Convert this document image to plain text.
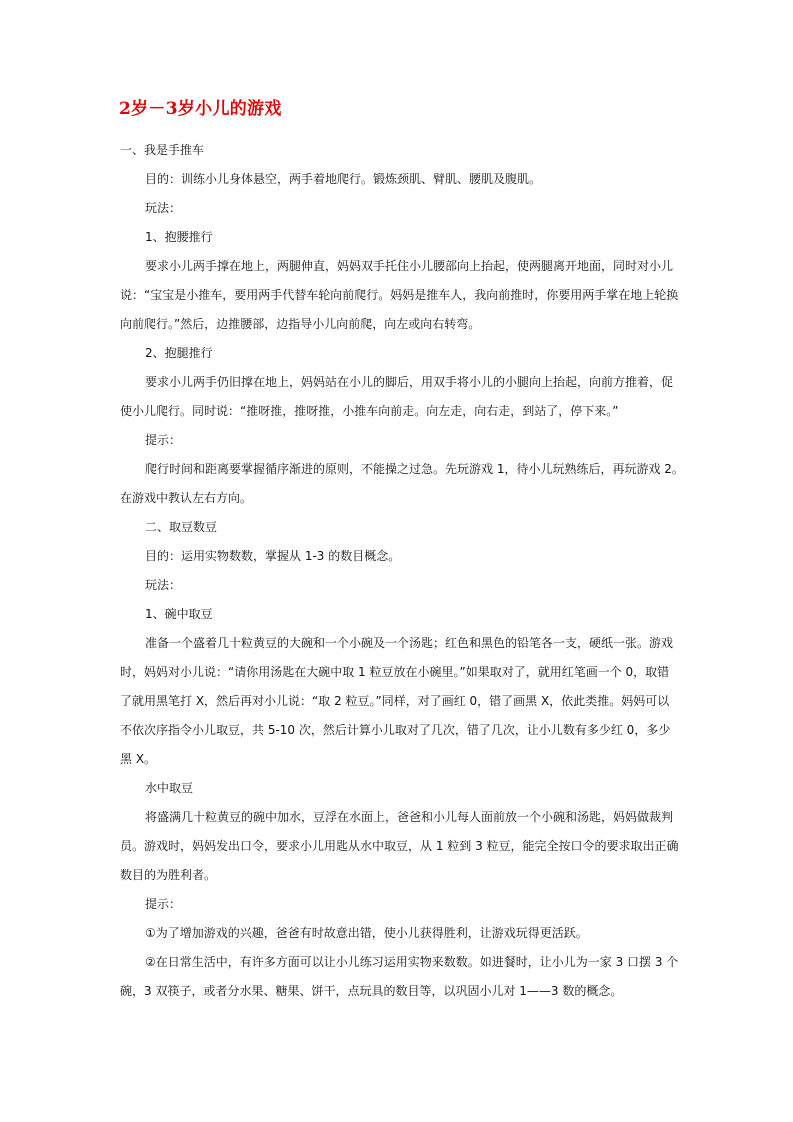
2岁－3岁小儿的游戏
一、我是手推车
目的：训练小儿身体悬空，两手着地爬行。锻炼颈肌、臂肌、腰肌及腹肌。
玩法：
1、抱腰推行
要求小儿两手撑在地上，两腿伸直，妈妈双手托住小儿腰部向上抬起，使两腿离开地面，同时对小儿
说：“宝宝是小推车，要用两手代替车轮向前爬行。妈妈是推车人，我向前推时，你要用两手掌在地上轮换
向前爬行。”然后，边推腰部，边指导小儿向前爬，向左或向右转弯。
2、抱腿推行
要求小儿两手仍旧撑在地上，妈妈站在小儿的脚后，用双手将小儿的小腿向上抬起，向前方推着，促
使小儿爬行。同时说：“推呀推，推呀推，小推车向前走。向左走，向右走，到站了，停下来。”
提示：
爬行时间和距离要掌握循序渐进的原则，不能操之过急。先玩游戏 1，待小儿玩熟练后，再玩游戏 2。
在游戏中教认左右方向。
二、取豆数豆
目的：运用实物数数，掌握从 1-3 的数目概念。
玩法：
1、碗中取豆
准备一个盛着几十粒黄豆的大碗和一个小碗及一个汤匙；红色和黑色的铅笔各一支，硬纸一张。游戏
时，妈妈对小儿说：“请你用汤匙在大碗中取 1 粒豆放在小碗里。”如果取对了，就用红笔画一个 0，取错
了就用黑笔打 X，然后再对小儿说：“取 2 粒豆。”同样，对了画红 0，错了画黑 X，依此类推。妈妈可以
不依次序指令小儿取豆，共 5-10 次，然后计算小儿取对了几次，错了几次，让小儿数有多少红 0，多少
黑 X。
水中取豆
将盛满几十粒黄豆的碗中加水，豆浮在水面上，爸爸和小儿每人面前放一个小碗和汤匙，妈妈做裁判
员。游戏时，妈妈发出口令，要求小儿用匙从水中取豆，从 1 粒到 3 粒豆，能完全按口令的要求取出正确
数目的为胜利者。
提示：
①为了增加游戏的兴趣，爸爸有时故意出错，使小儿获得胜利，让游戏玩得更活跃。
②在日常生活中，有许多方面可以让小儿练习运用实物来数数。如进餐时，让小儿为一家 3 口摆 3 个
碗，3 双筷子，或者分水果、糖果、饼干，点玩具的数目等，以巩固小儿对 1——3 数的概念。
